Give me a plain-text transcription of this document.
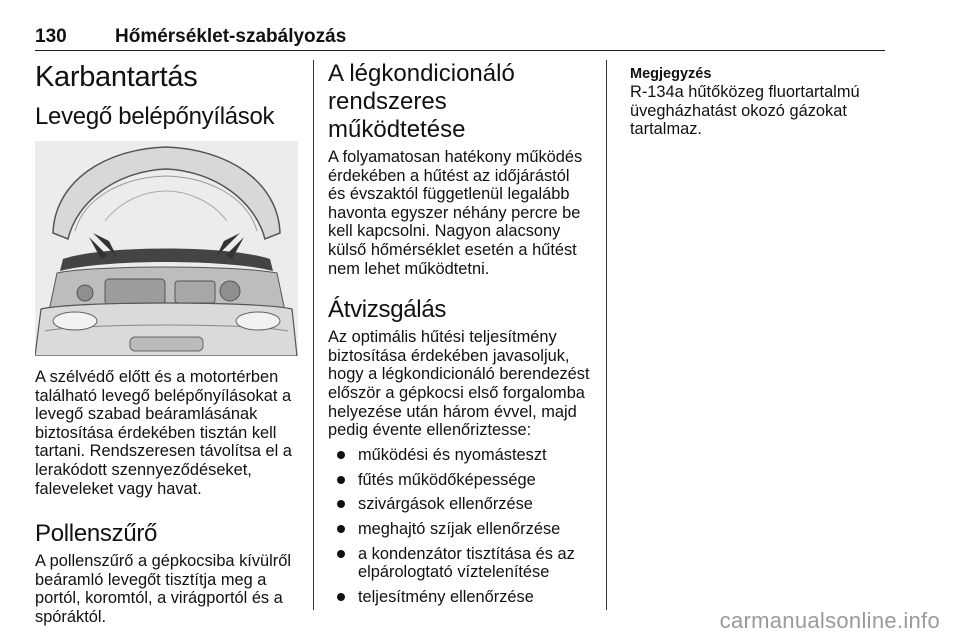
130	Hőmérséklet-szabályozás
Karbantartás
Levegő belépőnyílások

A szélvédő előtt és a motortérben található levegő belépőnyílásokat a levegő szabad beáramlásának biztosítása érdekében tisztán kell tartani. Rendszeresen távolítsa el a lerakódott szennyeződéseket, faleveleket vagy havat.

Pollenszűrő

A pollenszűrő a gépkocsiba kívülről beáramló levegőt tisztítja meg a portól, koromtól, a virágportól és a spóráktól.

A légkondicionáló rendszeres működtetése

A folyamatosan hatékony működés érdekében a hűtést az időjárástól és évszaktól függetlenül legalább havonta egyszer néhány percre be kell kapcsolni. Nagyon alacsony külső hőmérséklet esetén a hűtést nem lehet működtetni.

Átvizsgálás

Az optimális hűtési teljesítmény biztosítása érdekében javasoljuk, hogy a légkondicionáló berendezést először a gépkocsi első forgalomba helyezése után három évvel, majd pedig évente ellenőriztesse:

működési és nyomásteszt
fűtés működőképessége
szivárgások ellenőrzése
meghajtó szíjak ellenőrzése
a kondenzátor tisztítása és az elpárologtató víztelenítése
teljesítmény ellenőrzése
Megjegyzés
R-134a hűtőközeg fluortartalmú üvegházhatást okozó gázokat tartalmaz.
carmanualsonline.info
